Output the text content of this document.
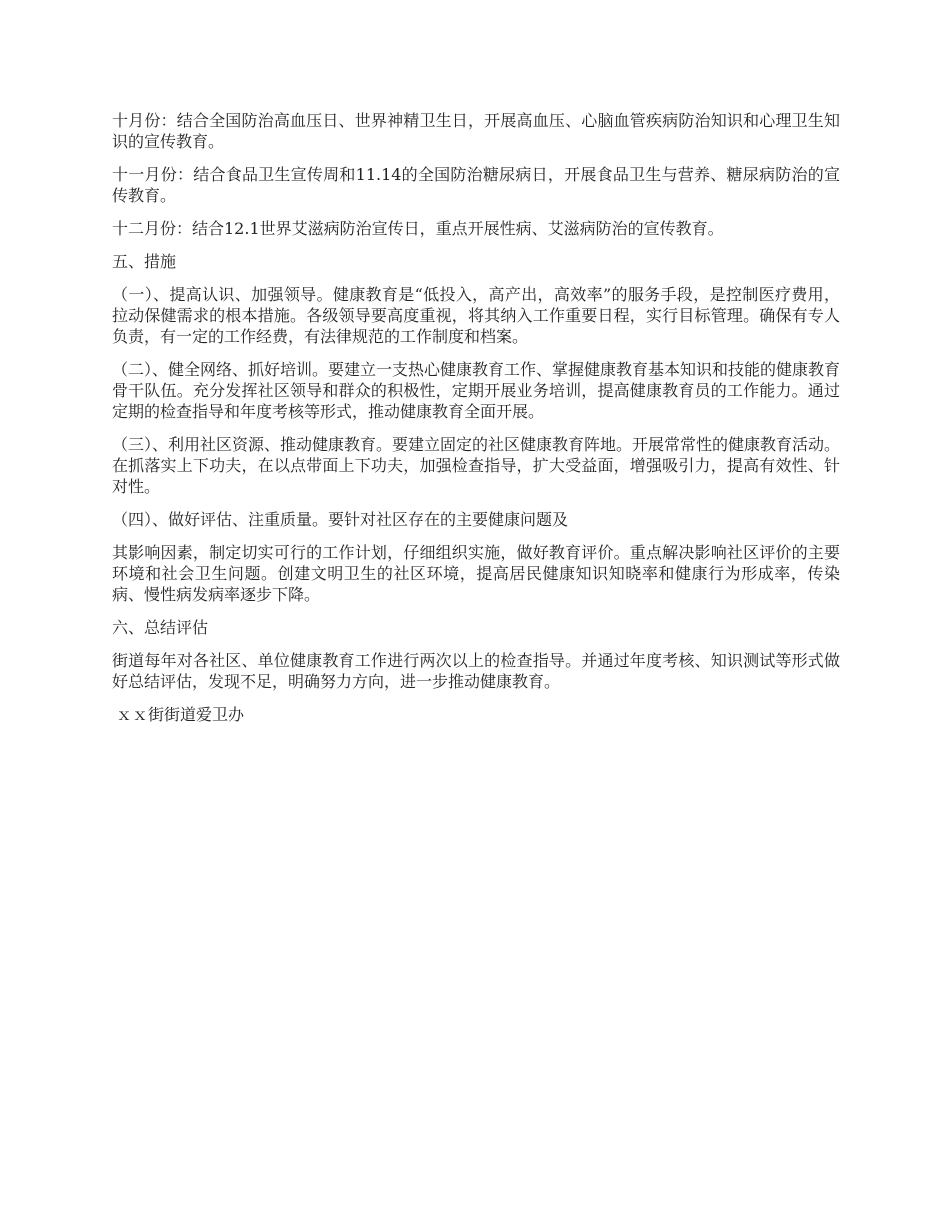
十月份：结合全国防治高血压日、世界神精卫生日，开展高血压、心脑血管疾病防治知识和心理卫生知识的宣传教育。

十一月份：结合食品卫生宣传周和11.14的全国防治糖尿病日，开展食品卫生与营养、糖尿病防治的宣传教育。

十二月份：结合12.1世界艾滋病防治宣传日，重点开展性病、艾滋病防治的宣传教育。

五、措施

（一）、提高认识、加强领导。健康教育是“低投入，高产出，高效率”的服务手段，是控制医疗费用，拉动保健需求的根本措施。各级领导要高度重视，将其纳入工作重要日程，实行目标管理。确保有专人负责，有一定的工作经费，有法律规范的工作制度和档案。

（二）、健全网络、抓好培训。要建立一支热心健康教育工作、掌握健康教育基本知识和技能的健康教育骨干队伍。充分发挥社区领导和群众的积极性，定期开展业务培训，提高健康教育员的工作能力。通过定期的检查指导和年度考核等形式，推动健康教育全面开展。

（三）、利用社区资源、推动健康教育。要建立固定的社区健康教育阵地。开展常常性的健康教育活动。在抓落实上下功夫，在以点带面上下功夫，加强检查指导，扩大受益面，增强吸引力，提高有效性、针对性。

（四）、做好评估、注重质量。要针对社区存在的主要健康问题及

其影响因素，制定切实可行的工作计划，仔细组织实施，做好教育评价。重点解决影响社区评价的主要环境和社会卫生问题。创建文明卫生的社区环境，提高居民健康知识知晓率和健康行为形成率，传染病、慢性病发病率逐步下降。

六、总结评估

街道每年对各社区、单位健康教育工作进行两次以上的检查指导。并通过年度考核、知识测试等形式做好总结评估，发现不足，明确努力方向，进一步推动健康教育。

ｘｘ街街道爱卫办
